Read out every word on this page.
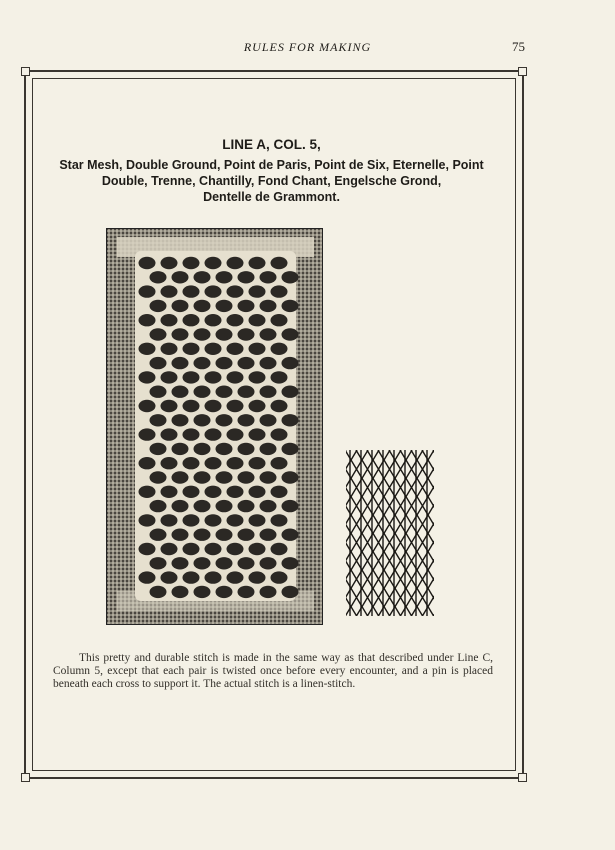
RULES FOR MAKING	75
LINE A, COL. 5,
Star Mesh, Double Ground, Point de Paris, Point de Six, Eternelle, Point
Double, Trenne, Chantilly, Fond Chant, Engelsche Grond,
Dentelle de Grammont.
This pretty and durable stitch is made in the same way as that described under Line C, Column 5, except that each pair is twisted once before every encounter, and a pin is placed beneath each cross to support it. The actual stitch is a linen-stitch.
